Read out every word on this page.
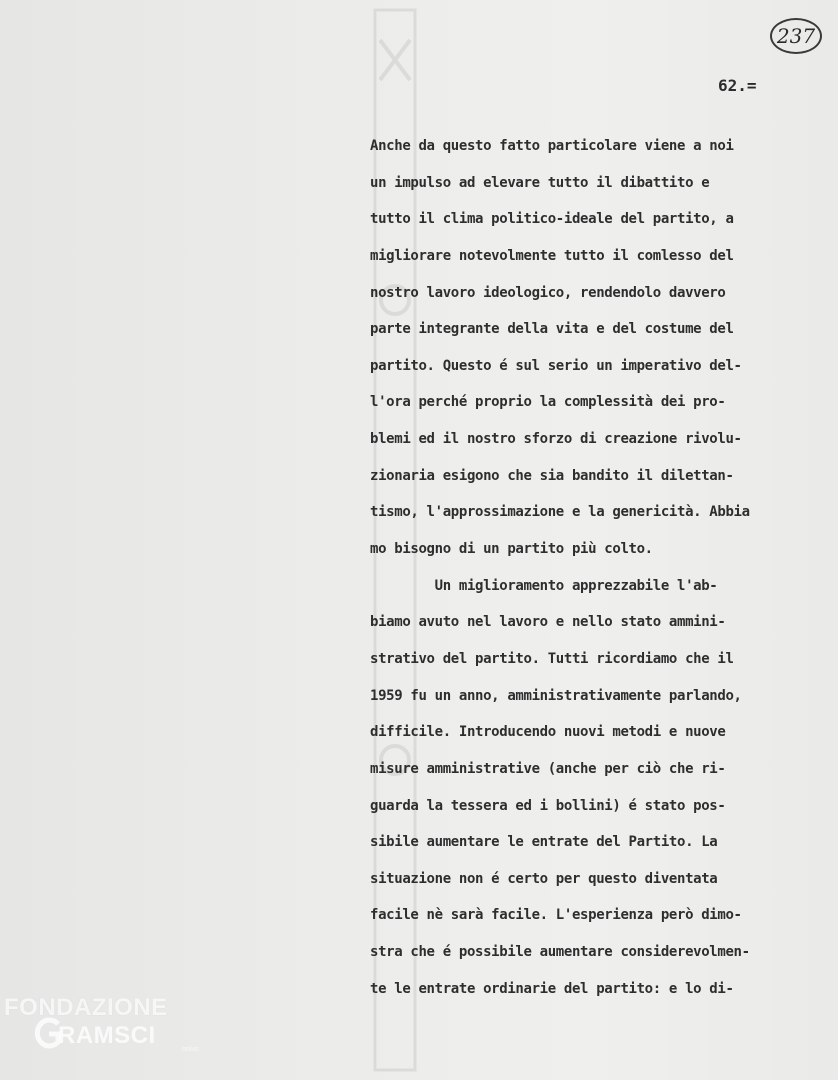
237
62.=
Anche da questo fatto particolare viene a noi
un impulso ad elevare tutto il dibattito e
tutto il clima politico-ideale del partito, a
migliorare notevolmente tutto il comlesso del
nostro lavoro ideologico, rendendolo davvero
parte integrante della vita e del costume del
partito. Questo é sul serio un imperativo del-
l'ora perché proprio la complessità dei pro-
blemi ed il nostro sforzo di creazione rivolu-
zionaria esigono che sia bandito il dilettan-
tismo, l'approssimazione e la genericità. Abbia
mo bisogno di un partito più colto.
Un miglioramento apprezzabile l'ab-
biamo avuto nel lavoro e nello stato ammini-
strativo del partito. Tutti ricordiamo che il
1959 fu un anno, amministrativamente parlando,
difficile. Introducendo nuovi metodi e nuove
misure amministrative (anche per ciò che ri-
guarda la tessera ed i bollini) é stato pos-
sibile aumentare le entrate del Partito. La
situazione non é certo per questo diventata
facile nè sarà facile. L'esperienza però dimo-
stra che é possibile aumentare considerevolmen-
te le entrate ordinarie del partito: e lo di-
FONDAZIONE
RAMSCI
onlus
